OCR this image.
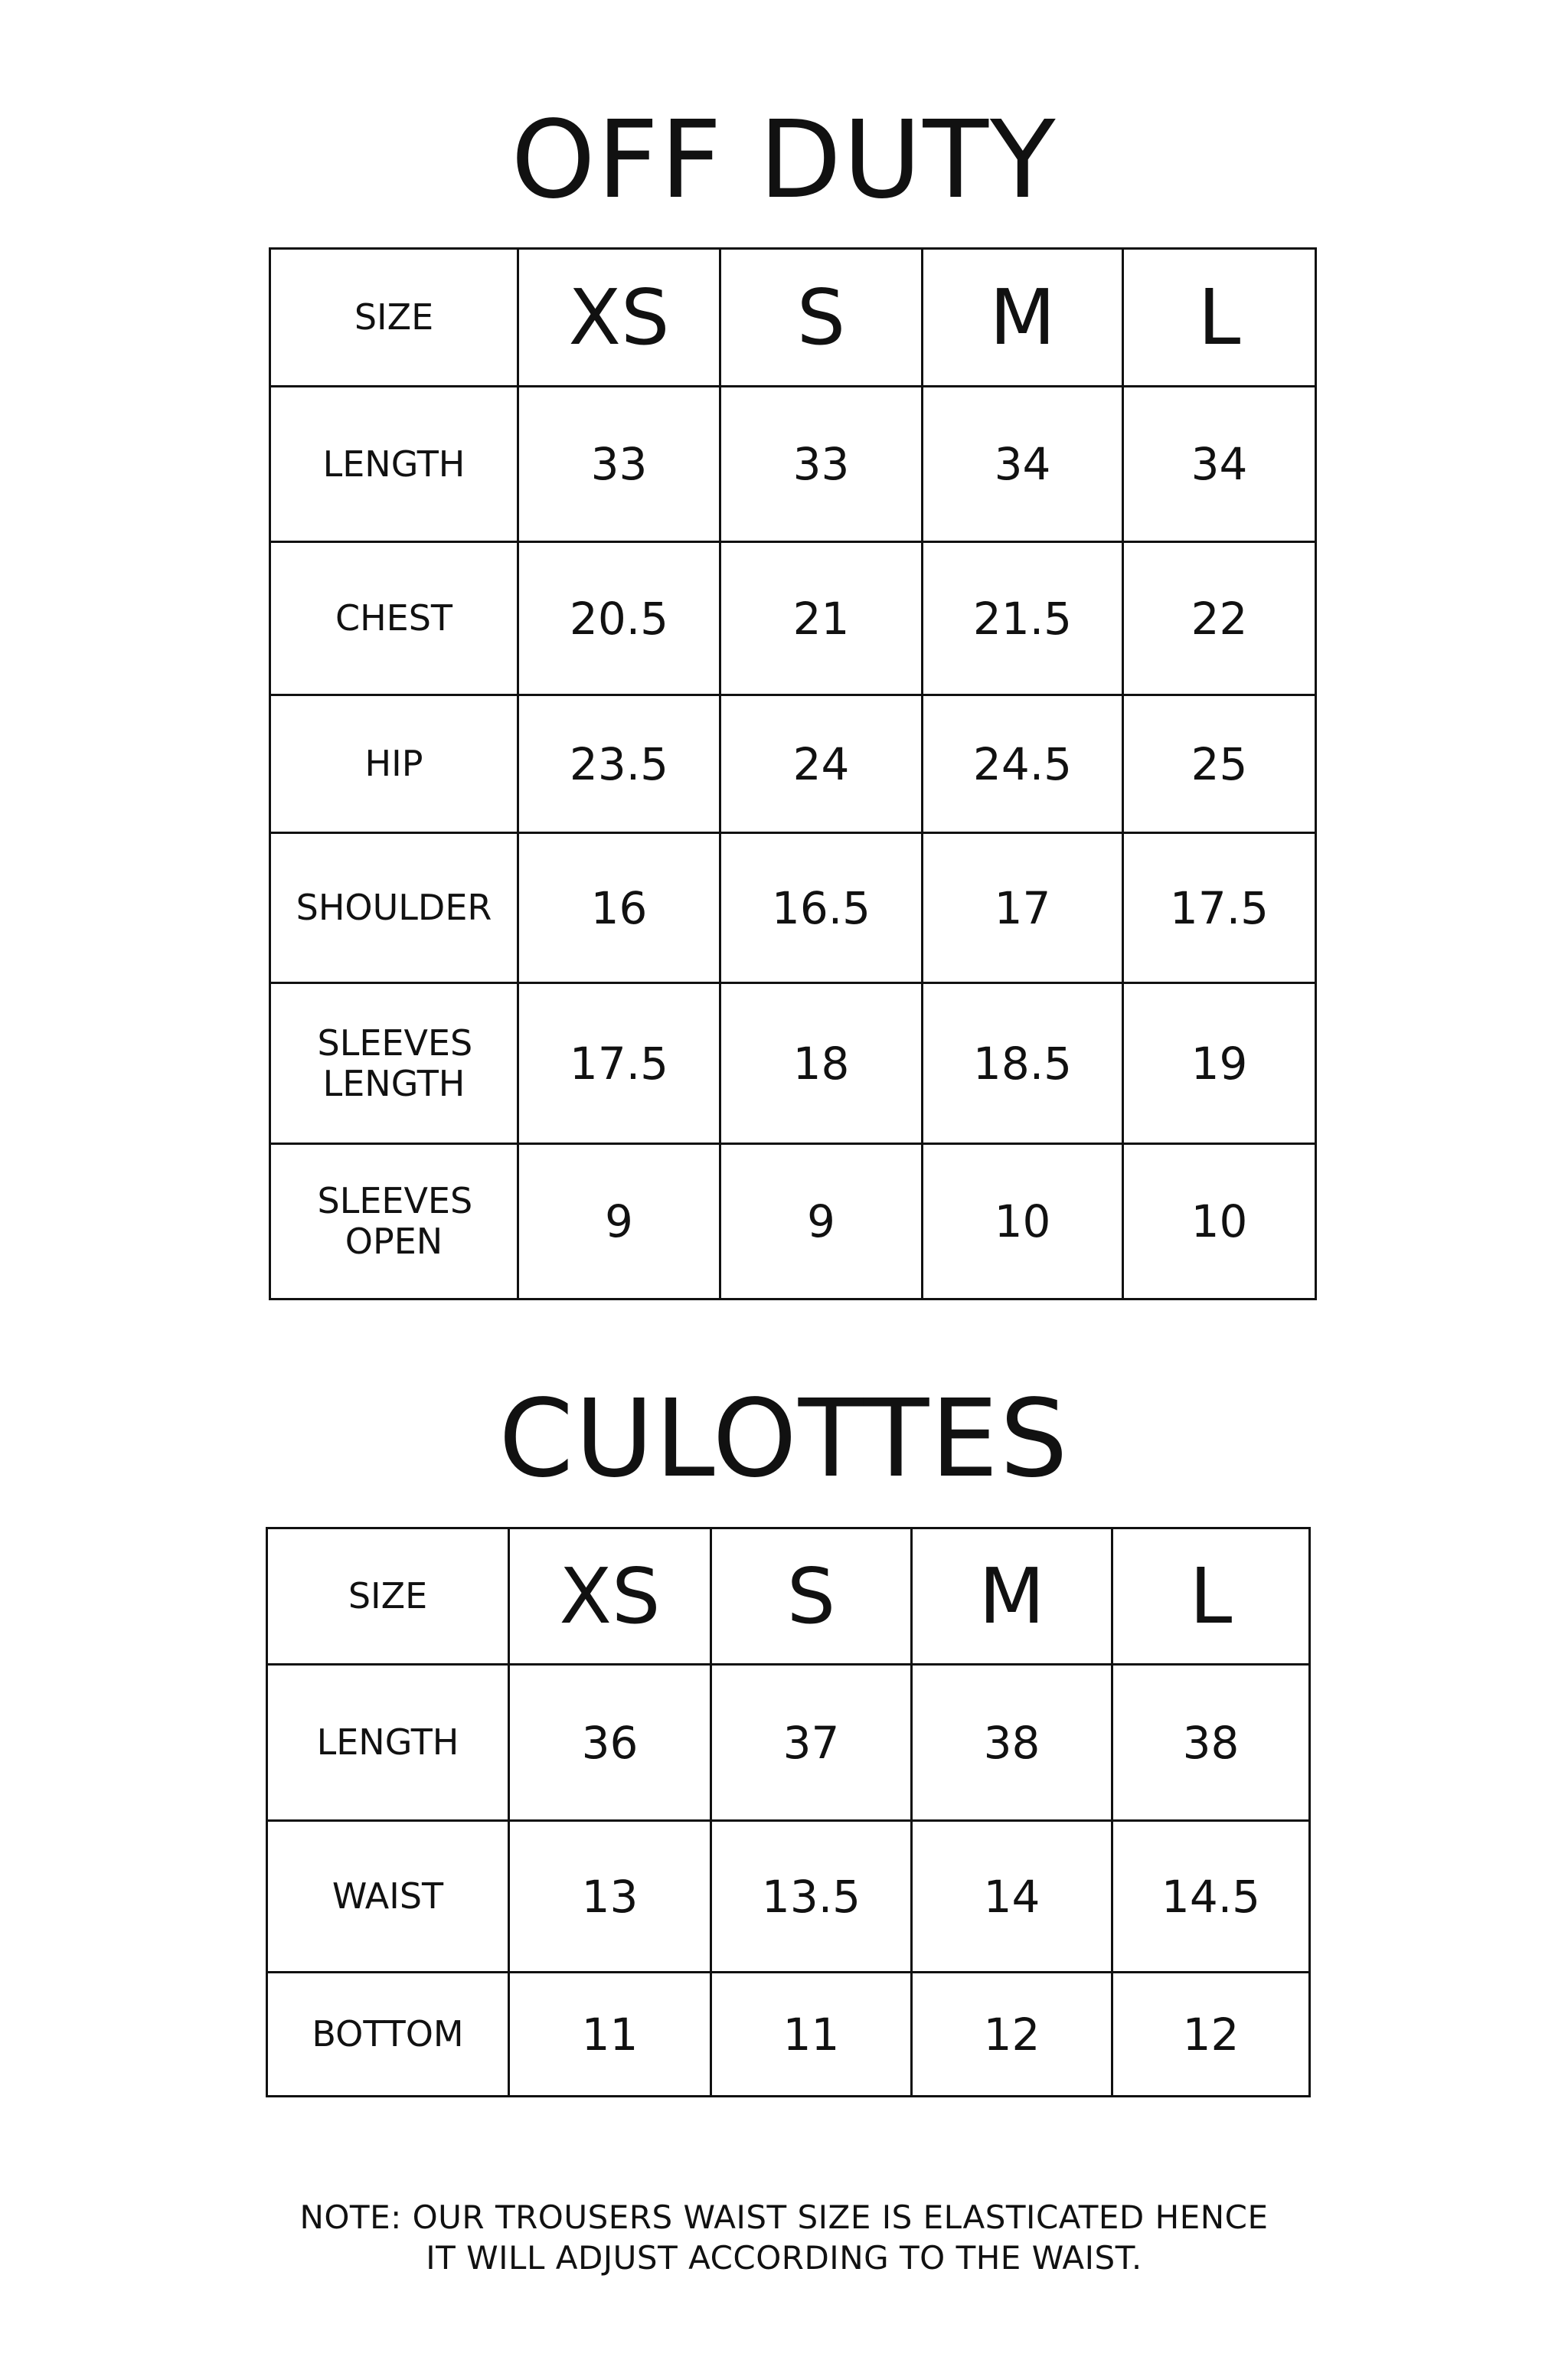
OFF DUTY
SIZE	XS	S	M	L
LENGTH	33	33	34	34
CHEST	20.5	21	21.5	22
HIP	23.5	24	24.5	25
SHOULDER	16	16.5	17	17.5

SLEEVES LENGTH	17.5	18	18.5	19

SLEEVES OPEN	9	9	10	10
CULOTTES
SIZE	XS	S	M	L
LENGTH	36	37	38	38
WAIST	13	13.5	14	14.5
BOTTOM	11	11	12	12
NOTE: OUR TROUSERS WAIST SIZE IS ELASTICATED HENCE
IT WILL ADJUST ACCORDING TO THE WAIST.
